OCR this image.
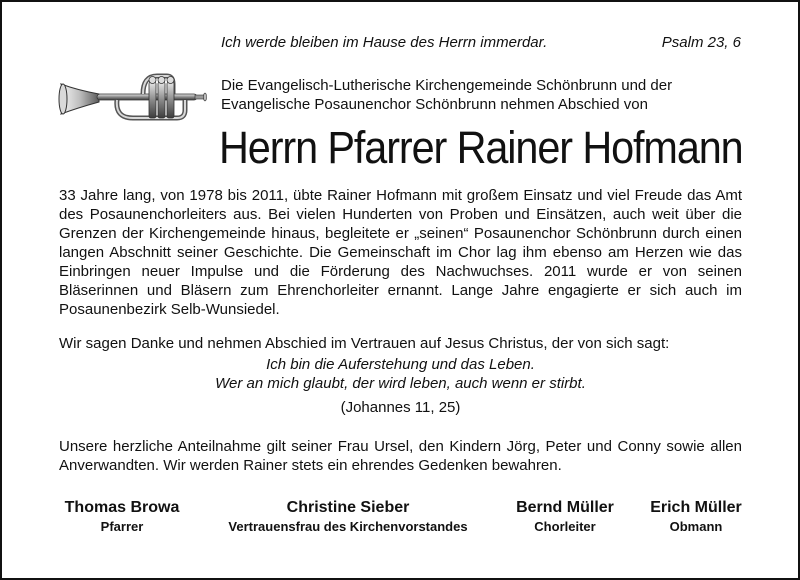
Ich werde bleiben im Hause des Herrn immerdar.	Psalm 23, 6
Die Evangelisch-Lutherische Kirchengemeinde Schönbrunn und der
Evangelische Posaunenchor Schönbrunn nehmen Abschied von
Herrn Pfarrer Rainer Hofmann
33 Jahre lang, von 1978 bis 2011, übte Rainer Hofmann mit großem Einsatz und viel Freude das Amt des Posaunenchorleiters aus. Bei vielen Hunderten von Proben und Einsätzen, auch weit über die Grenzen der Kirchengemeinde hinaus, begleitete er „seinen“ Posaunenchor Schönbrunn durch einen langen Abschnitt seiner Geschichte. Die Gemeinschaft im Chor lag ihm ebenso am Herzen wie das Einbringen neuer Impulse und die Förderung des Nachwuchses. 2011 wurde er von seinen Bläserinnen und Bläsern zum Ehrenchorleiter ernannt. Lange Jahre engagierte er sich auch im Posaunenbezirk Selb-Wunsiedel.
Wir sagen Danke und nehmen Abschied im Vertrauen auf Jesus Christus, der von sich sagt:
Ich bin die Auferstehung und das Leben.
Wer an mich glaubt, der wird leben, auch wenn er stirbt.
(Johannes 11, 25)
Unsere herzliche Anteilnahme gilt seiner Frau Ursel, den Kindern Jörg, Peter und Conny sowie allen Anverwandten. Wir werden Rainer stets ein ehrendes Gedenken bewahren.
Thomas Browa
Pfarrer
Christine Sieber
Vertrauensfrau des Kirchenvorstandes
Bernd Müller
Chorleiter
Erich Müller
Obmann
